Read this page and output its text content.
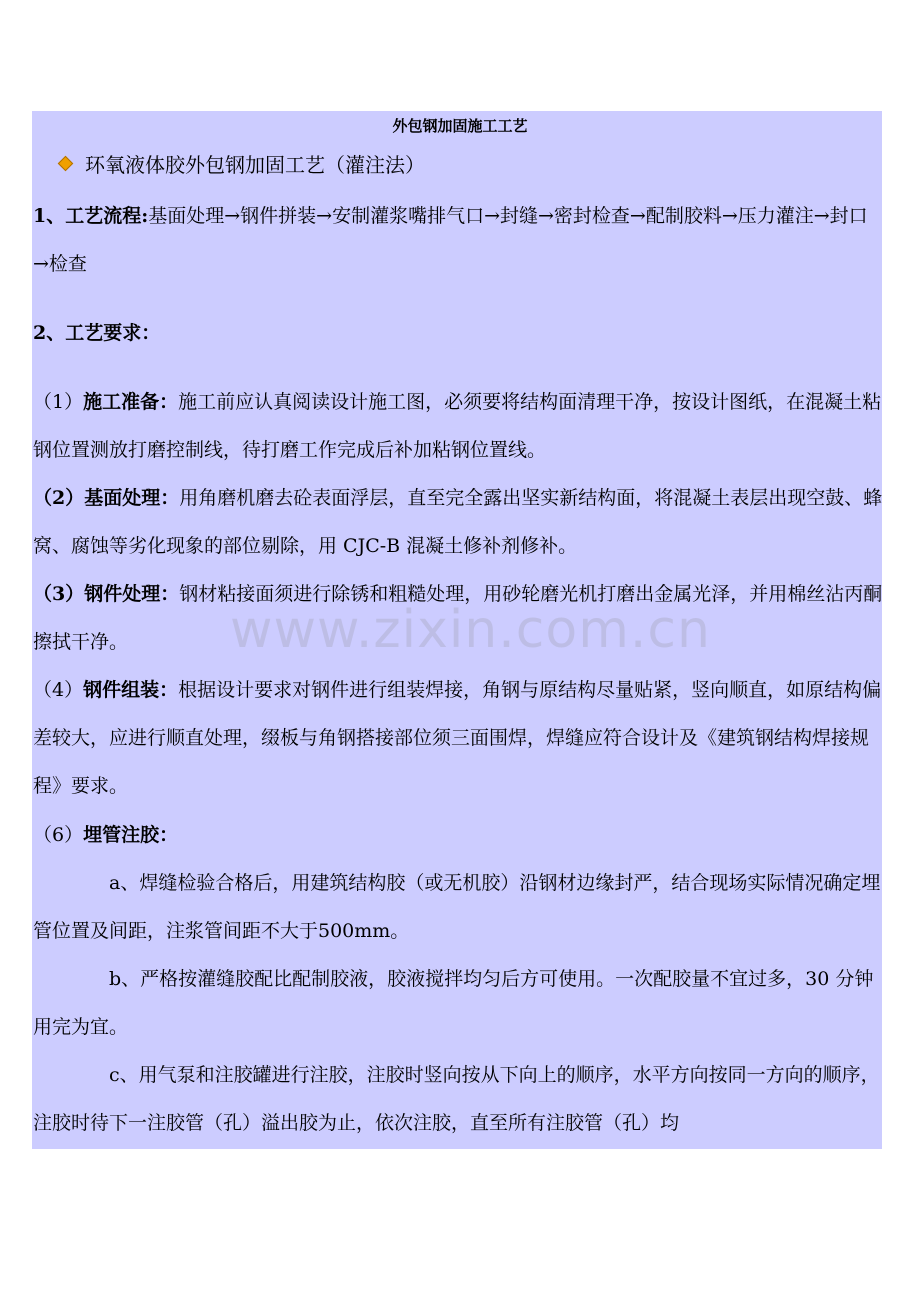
外包钢加固施工工艺
环氧液体胶外包钢加固工艺（灌注法）

1、工艺流程:基面处理→钢件拼装→安制灌浆嘴排气口→封缝→密封检查→配制胶料→压力灌注→封口→检查

2、工艺要求：

（1）施工准备：施工前应认真阅读设计施工图，必须要将结构面清理干净，按设计图纸，在混凝土粘钢位置测放打磨控制线，待打磨工作完成后补加粘钢位置线。

（2）基面处理：用角磨机磨去砼表面浮层，直至完全露出坚实新结构面，将混凝土表层出现空鼓、蜂窝、腐蚀等劣化现象的部位剔除，用 CJC-B 混凝土修补剂修补。

（3）钢件处理：钢材粘接面须进行除锈和粗糙处理，用砂轮磨光机打磨出金属光泽，并用棉丝沾丙酮擦拭干净。

（4）钢件组装：根据设计要求对钢件进行组装焊接，角钢与原结构尽量贴紧，竖向顺直，如原结构偏差较大，应进行顺直处理，缀板与角钢搭接部位须三面围焊，焊缝应符合设计及《建筑钢结构焊接规程》要求。

（6）埋管注胶：

a、焊缝检验合格后，用建筑结构胶（或无机胶）沿钢材边缘封严，结合现场实际情况确定埋管位置及间距，注浆管间距不大于500mm。

b、严格按灌缝胶配比配制胶液，胶液搅拌均匀后方可使用。一次配胶量不宜过多，30 分钟用完为宜。

c、用气泵和注胶罐进行注胶，注胶时竖向按从下向上的顺序，水平方向按同一方向的顺序，注胶时待下一注胶管（孔）溢出胶为止，依次注胶，直至所有注胶管（孔）均

www.zixin.com.cn
